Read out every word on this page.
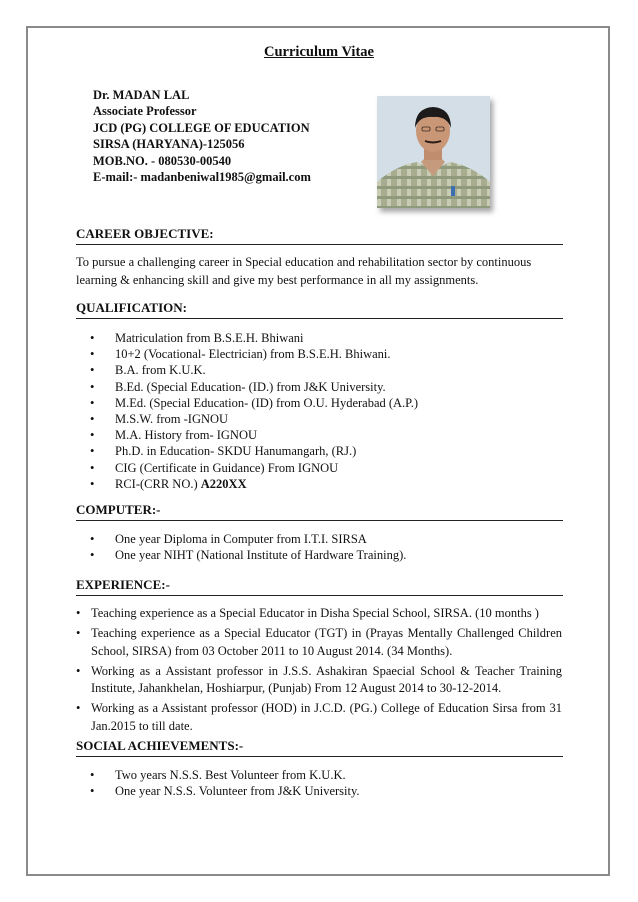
Curriculum Vitae
Dr. MADAN LAL
Associate Professor
JCD (PG) COLLEGE OF EDUCATION
SIRSA (HARYANA)-125056
MOB.NO. - 080530-00540
E-mail:- madanbeniwal1985@gmail.com
CAREER OBJECTIVE:
To pursue a challenging career in Special education and rehabilitation sector by continuous learning & enhancing skill and give my best performance in all my assignments.
QUALIFICATION:
• Matriculation from B.S.E.H. Bhiwani
• 10+2 (Vocational- Electrician) from B.S.E.H. Bhiwani.
• B.A. from K.U.K.
• B.Ed. (Special Education- (ID.) from J&K University.
• M.Ed. (Special Education- (ID) from O.U. Hyderabad (A.P.)
• M.S.W. from -IGNOU
• M.A. History from- IGNOU
• Ph.D. in Education- SKDU Hanumangarh, (RJ.)
• CIG (Certificate in Guidance) From IGNOU
• RCI-(CRR NO.) A220XX
COMPUTER:-
• One year Diploma in Computer from I.T.I. SIRSA
• One year NIHT (National Institute of Hardware Training).
EXPERIENCE:-
• Teaching experience as a Special Educator in Disha Special School, SIRSA. (10 months )
• Teaching experience as a Special Educator (TGT) in (Prayas Mentally Challenged Children School, SIRSA) from 03 October 2011 to 10 August 2014. (34 Months).
• Working as a Assistant professor in J.S.S. Ashakiran Spaecial School & Teacher Training Institute, Jahankhelan, Hoshiarpur, (Punjab) From 12 August 2014 to 30-12-2014.
• Working as a Assistant professor (HOD) in J.C.D. (PG.) College of Education Sirsa from 31 Jan.2015 to till date.
SOCIAL ACHIEVEMENTS:-
• Two years N.S.S. Best Volunteer from K.U.K.
• One year N.S.S. Volunteer from J&K University.
